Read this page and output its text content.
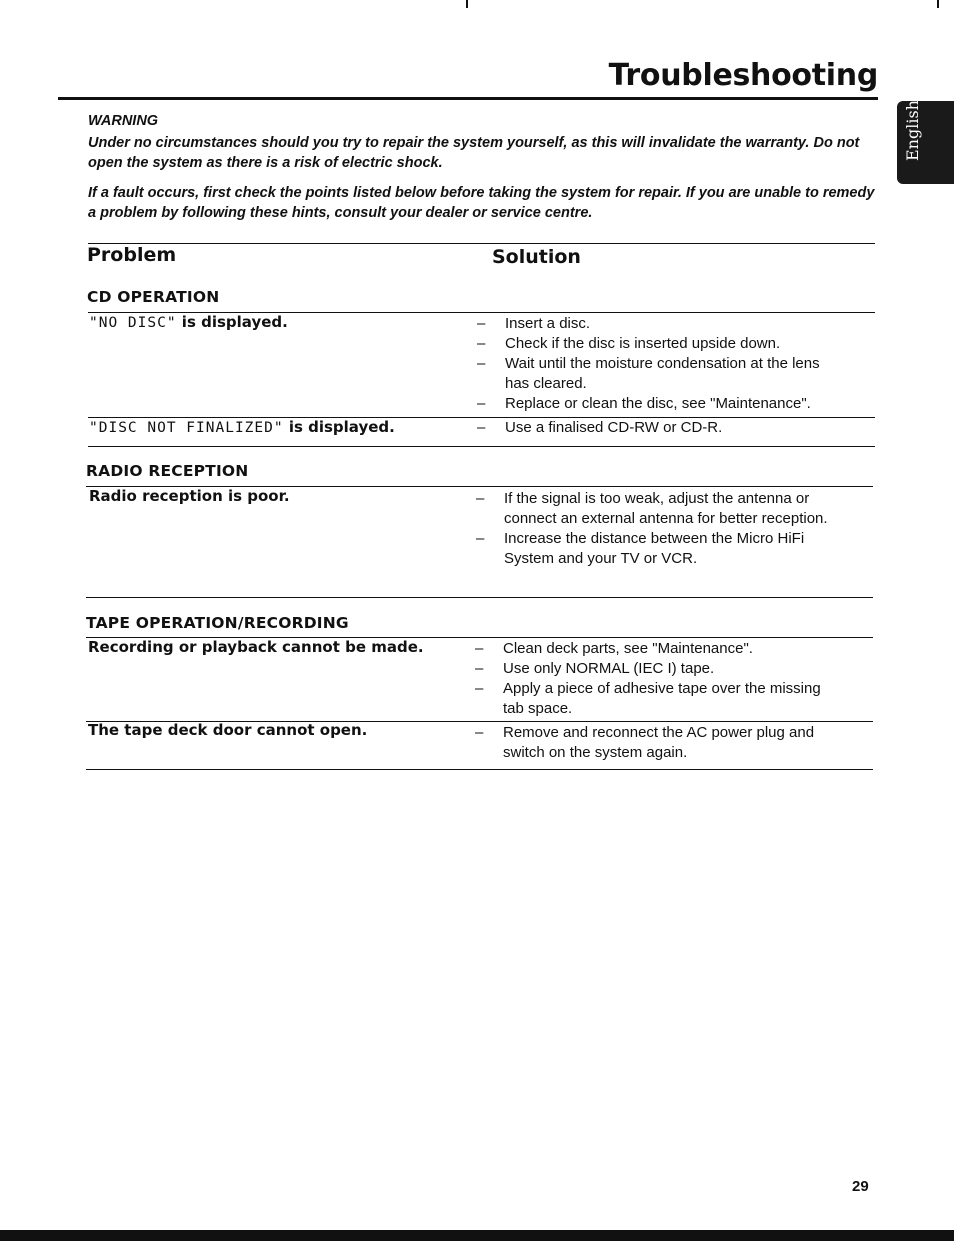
Troubleshooting
English
WARNING
Under no circumstances should you try to repair the system yourself, as this will invalidate the warranty. Do not open the system as there is a risk of electric shock.
If a fault occurs, first check the points listed below before taking the system for repair. If you are unable to remedy a problem by following these hints, consult your dealer or service centre.
Problem	Solution
CD OPERATION
"NO DISC" is displayed.	– Insert a disc.
– Check if the disc is inserted upside down.
– Wait until the moisture condensation at the lens has cleared.
– Replace or clean the disc, see "Maintenance".
"DISC NOT FINALIZED" is displayed.	– Use a finalised CD-RW or CD-R.
RADIO RECEPTION
Radio reception is poor.	– If the signal is too weak, adjust the antenna or connect an external antenna for better reception.
– Increase the distance between the Micro HiFi System and your TV or VCR.
TAPE OPERATION/RECORDING
Recording or playback cannot be made.	– Clean deck parts, see "Maintenance".
– Use only NORMAL (IEC I) tape.
– Apply a piece of adhesive tape over the missing tab space.
The tape deck door cannot open.	– Remove and reconnect the AC power plug and switch on the system again.
29
